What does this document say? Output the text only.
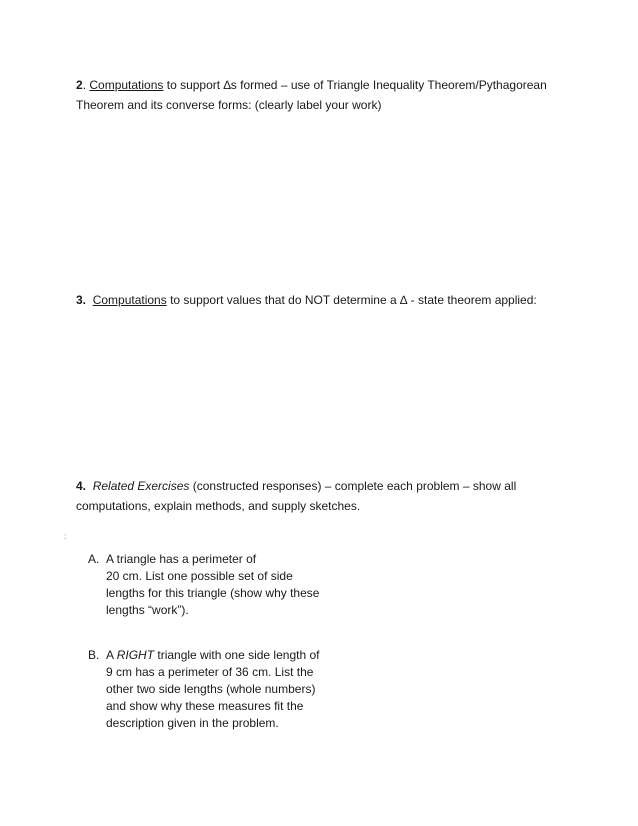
2. Computations to support ∆s formed – use of Triangle Inequality Theorem/Pythagorean Theorem and its converse forms: (clearly label your work)
3. Computations to support values that do NOT determine a ∆ - state theorem applied:
4. Related Exercises (constructed responses) – complete each problem – show all computations, explain methods, and supply sketches.
:
A. A triangle has a perimeter of
20 cm. List one possible set of side lengths for this triangle (show why these lengths “work”).
B. A RIGHT triangle with one side length of
9 cm has a perimeter of 36 cm. List the other two side lengths (whole numbers) and show why these measures fit the description given in the problem.
